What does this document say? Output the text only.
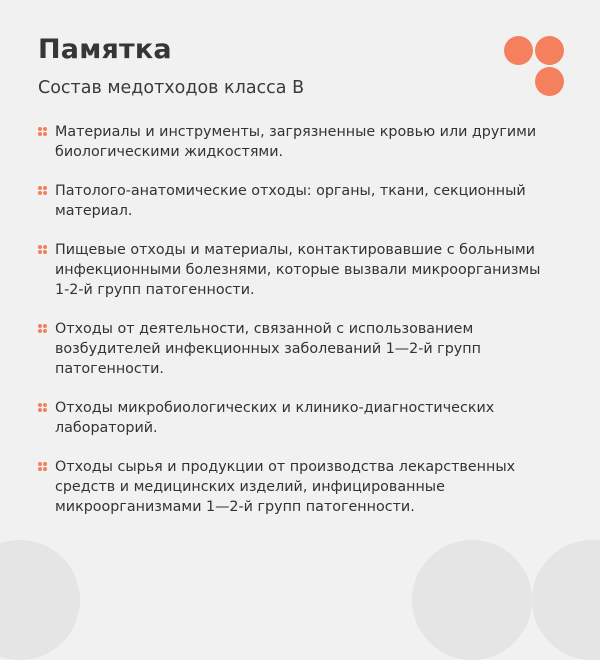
Памятка
Состав медотходов класса В
Материалы и инструменты, загрязненные кровью или другими биологическими жидкостями.
Патолого-анатомические отходы: органы, ткани, секционный материал.
Пищевые отходы и материалы, контактировавшие с больными инфекционными болезнями, которые вызвали микроорганизмы 1-2-й групп патогенности.
Отходы от деятельности, связанной с использованием возбудителей инфекционных заболеваний 1—2-й групп патогенности.
Отходы микробиологических и клинико-диагностических лабораторий.
Отходы сырья и продукции от производства лекарственных средств и медицинских изделий, инфицированные микроорганизмами 1—2-й групп патогенности.
